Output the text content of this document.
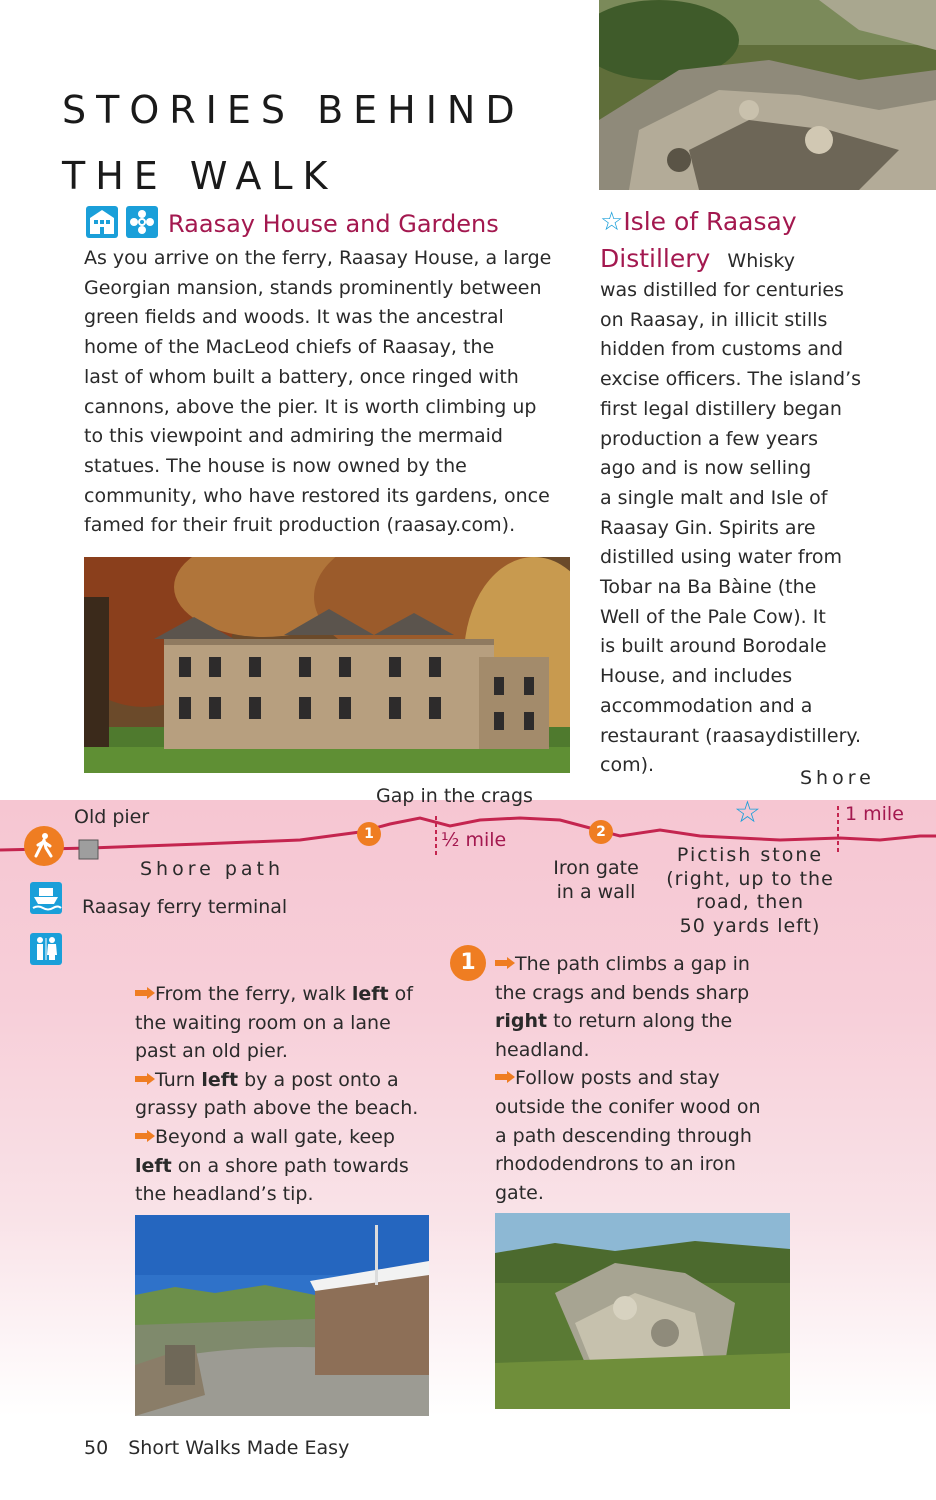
STORIES BEHIND
THE WALK
Raasay House and Gardens
As you arrive on the ferry, Raasay House, a large
Georgian mansion, stands prominently between
green fields and woods. It was the ancestral
home of the MacLeod chiefs of Raasay, the
last of whom built a battery, once ringed with
cannons, above the pier. It is worth climbing up
to this viewpoint and admiring the mermaid
statues. The house is now owned by the
community, who have restored its gardens, once
famed for their fruit production (raasay.com).
☆Isle of Raasay
Distillery Whisky
was distilled for centuries
on Raasay, in illicit stills
hidden from customs and
excise officers. The island’s
first legal distillery began
production a few years
ago and is now selling
a single malt and Isle of
Raasay Gin. Spirits are
distilled using water from
Tobar na Ba Bàine (the
Well of the Pale Cow). It
is built around Borodale
House, and includes
accommodation and a
restaurant (raasaydistillery.
com).
Old pier
Gap in the crags
½ mile
Shore
1 mile
1	2
☆
Shore path
Raasay ferry terminal
Iron gate
in a wall
Pictish stone
(right, up to the
road, then
50 yards left)
From the ferry, walk left of
the waiting room on a lane
past an old pier.
Turn left by a post onto a
grassy path above the beach.
Beyond a wall gate, keep
left on a shore path towards
the headland’s tip.
1	The path climbs a gap in
the crags and bends sharp
right to return along the
headland.
Follow posts and stay
outside the conifer wood on
a path descending through
rhododendrons to an iron
gate.
50 Short Walks Made Easy
